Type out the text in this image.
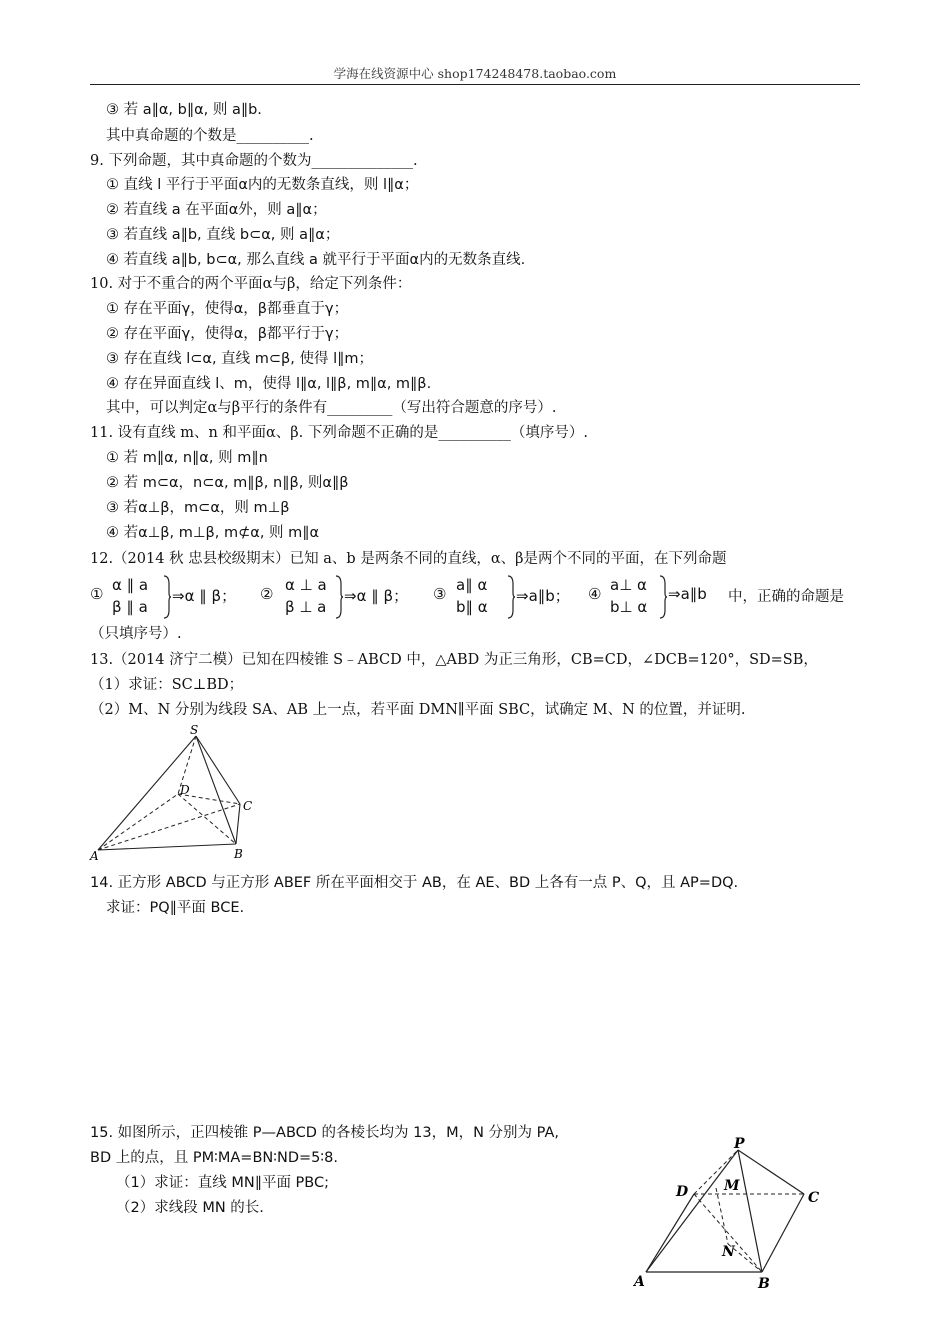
学海在线资源中心 shop174248478.taobao.com
③ 若 a∥α, b∥α, 则 a∥b.
其中真命题的个数是__________.
9. 下列命题，其中真命题的个数为______________.
① 直线 l 平行于平面α内的无数条直线，则 l∥α；
② 若直线 a 在平面α外，则 a∥α；
③ 若直线 a∥b, 直线 b⊂α, 则 a∥α；
④ 若直线 a∥b, b⊂α, 那么直线 a 就平行于平面α内的无数条直线.
10. 对于不重合的两个平面α与β，给定下列条件：
① 存在平面γ，使得α，β都垂直于γ；
② 存在平面γ，使得α，β都平行于γ；
③ 存在直线 l⊂α, 直线 m⊂β, 使得 l∥m；
④ 存在异面直线 l、m，使得 l∥α, l∥β, m∥α, m∥β.
其中，可以判定α与β平行的条件有_________（写出符合题意的序号）.
11. 设有直线 m、n 和平面α、β. 下列命题不正确的是__________（填序号）.
① 若 m∥α, n∥α, 则 m∥n
② 若 m⊂α，n⊂α, m∥β, n∥β, 则α∥β
③ 若α⊥β，m⊂α，则 m⊥β
④ 若α⊥β, m⊥β, m⊄α, 则 m∥α
12.（2014 秋 忠县校级期末）已知 a、b 是两条不同的直线，α、β是两个不同的平面，在下列命题
① α ∥ a
β ∥ a
⇒α ∥ β； ② α ⊥ a
β ⊥ a
⇒α ∥ β； ③ a∥ α
b∥ α
⇒a∥b； ④ a⊥ α
b⊥ α
⇒a∥b 中，正确的命题是
（只填序号）.
13.（2014 济宁二模）已知在四棱锥 S﹣ABCD 中，△ABD 为正三角形，CB=CD，∠DCB=120°，SD=SB，
（1）求证：SC⊥BD；
（2）M、N 分别为线段 SA、AB 上一点，若平面 DMN∥平面 SBC，试确定 M、N 的位置，并证明.
S
A	B
C
D
14. 正方形 ABCD 与正方形 ABEF 所在平面相交于 AB，在 AE、BD 上各有一点 P、Q，且 AP=DQ.
求证：PQ∥平面 BCE.
15. 如图所示，正四棱锥 P—ABCD 的各棱长均为 13，M，N 分别为 PA,
BD 上的点，且 PM∶MA=BN∶ND=5∶8.
（1）求证：直线 MN∥平面 PBC;
（2）求线段 MN 的长.
P
A	B
C
D	M
N
